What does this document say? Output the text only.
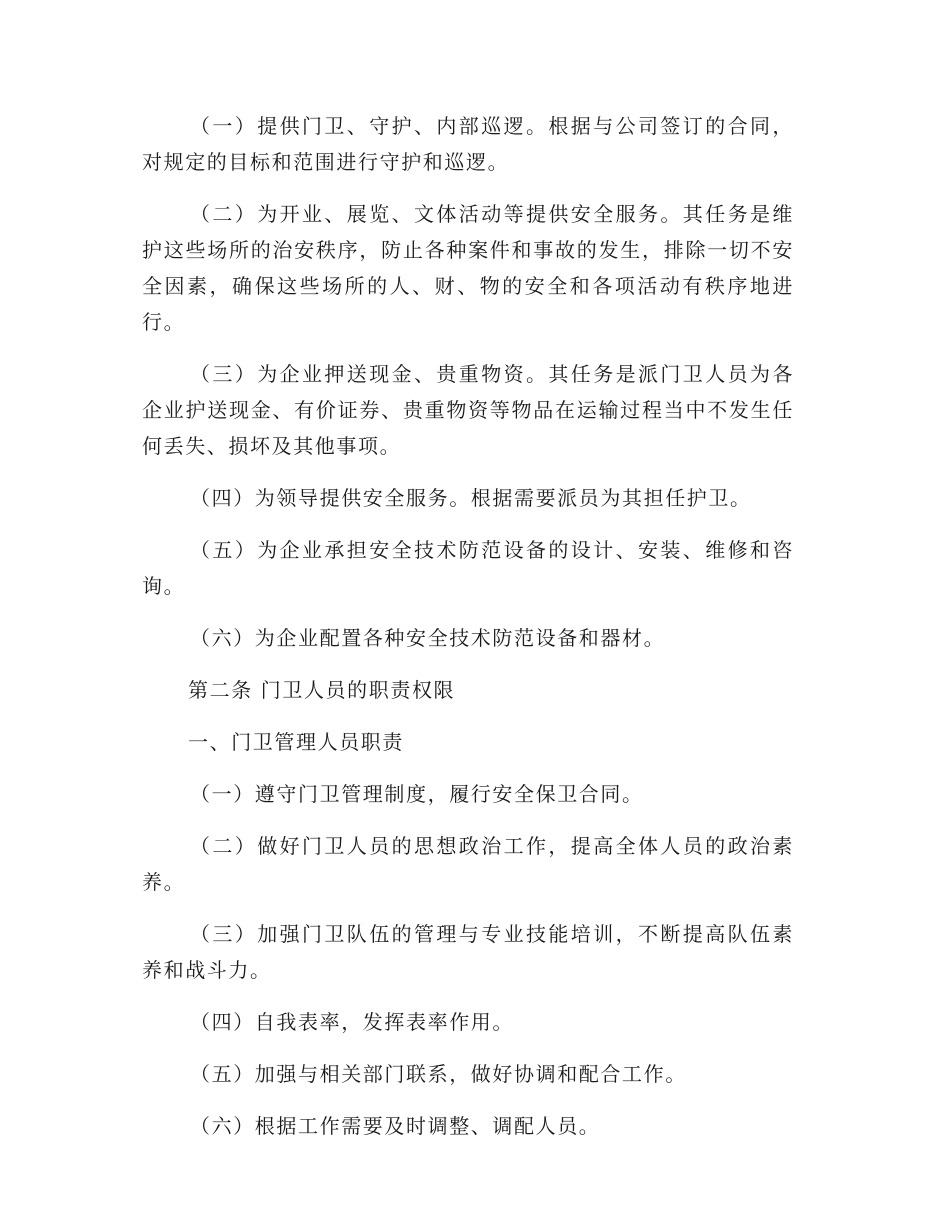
（一）提供门卫、守护、内部巡逻。根据与公司签订的合同，对规定的目标和范围进行守护和巡逻。

（二）为开业、展览、文体活动等提供安全服务。其任务是维护这些场所的治安秩序，防止各种案件和事故的发生，排除一切不安全因素，确保这些场所的人、财、物的安全和各项活动有秩序地进行。

（三）为企业押送现金、贵重物资。其任务是派门卫人员为各企业护送现金、有价证券、贵重物资等物品在运输过程当中不发生任何丢失、损坏及其他事项。

（四）为领导提供安全服务。根据需要派员为其担任护卫。

（五）为企业承担安全技术防范设备的设计、安装、维修和咨询。

（六）为企业配置各种安全技术防范设备和器材。

第二条 门卫人员的职责权限

一、门卫管理人员职责

（一）遵守门卫管理制度，履行安全保卫合同。

（二）做好门卫人员的思想政治工作，提高全体人员的政治素养。

（三）加强门卫队伍的管理与专业技能培训，不断提高队伍素养和战斗力。

（四）自我表率，发挥表率作用。

（五）加强与相关部门联系，做好协调和配合工作。

（六）根据工作需要及时调整、调配人员。
